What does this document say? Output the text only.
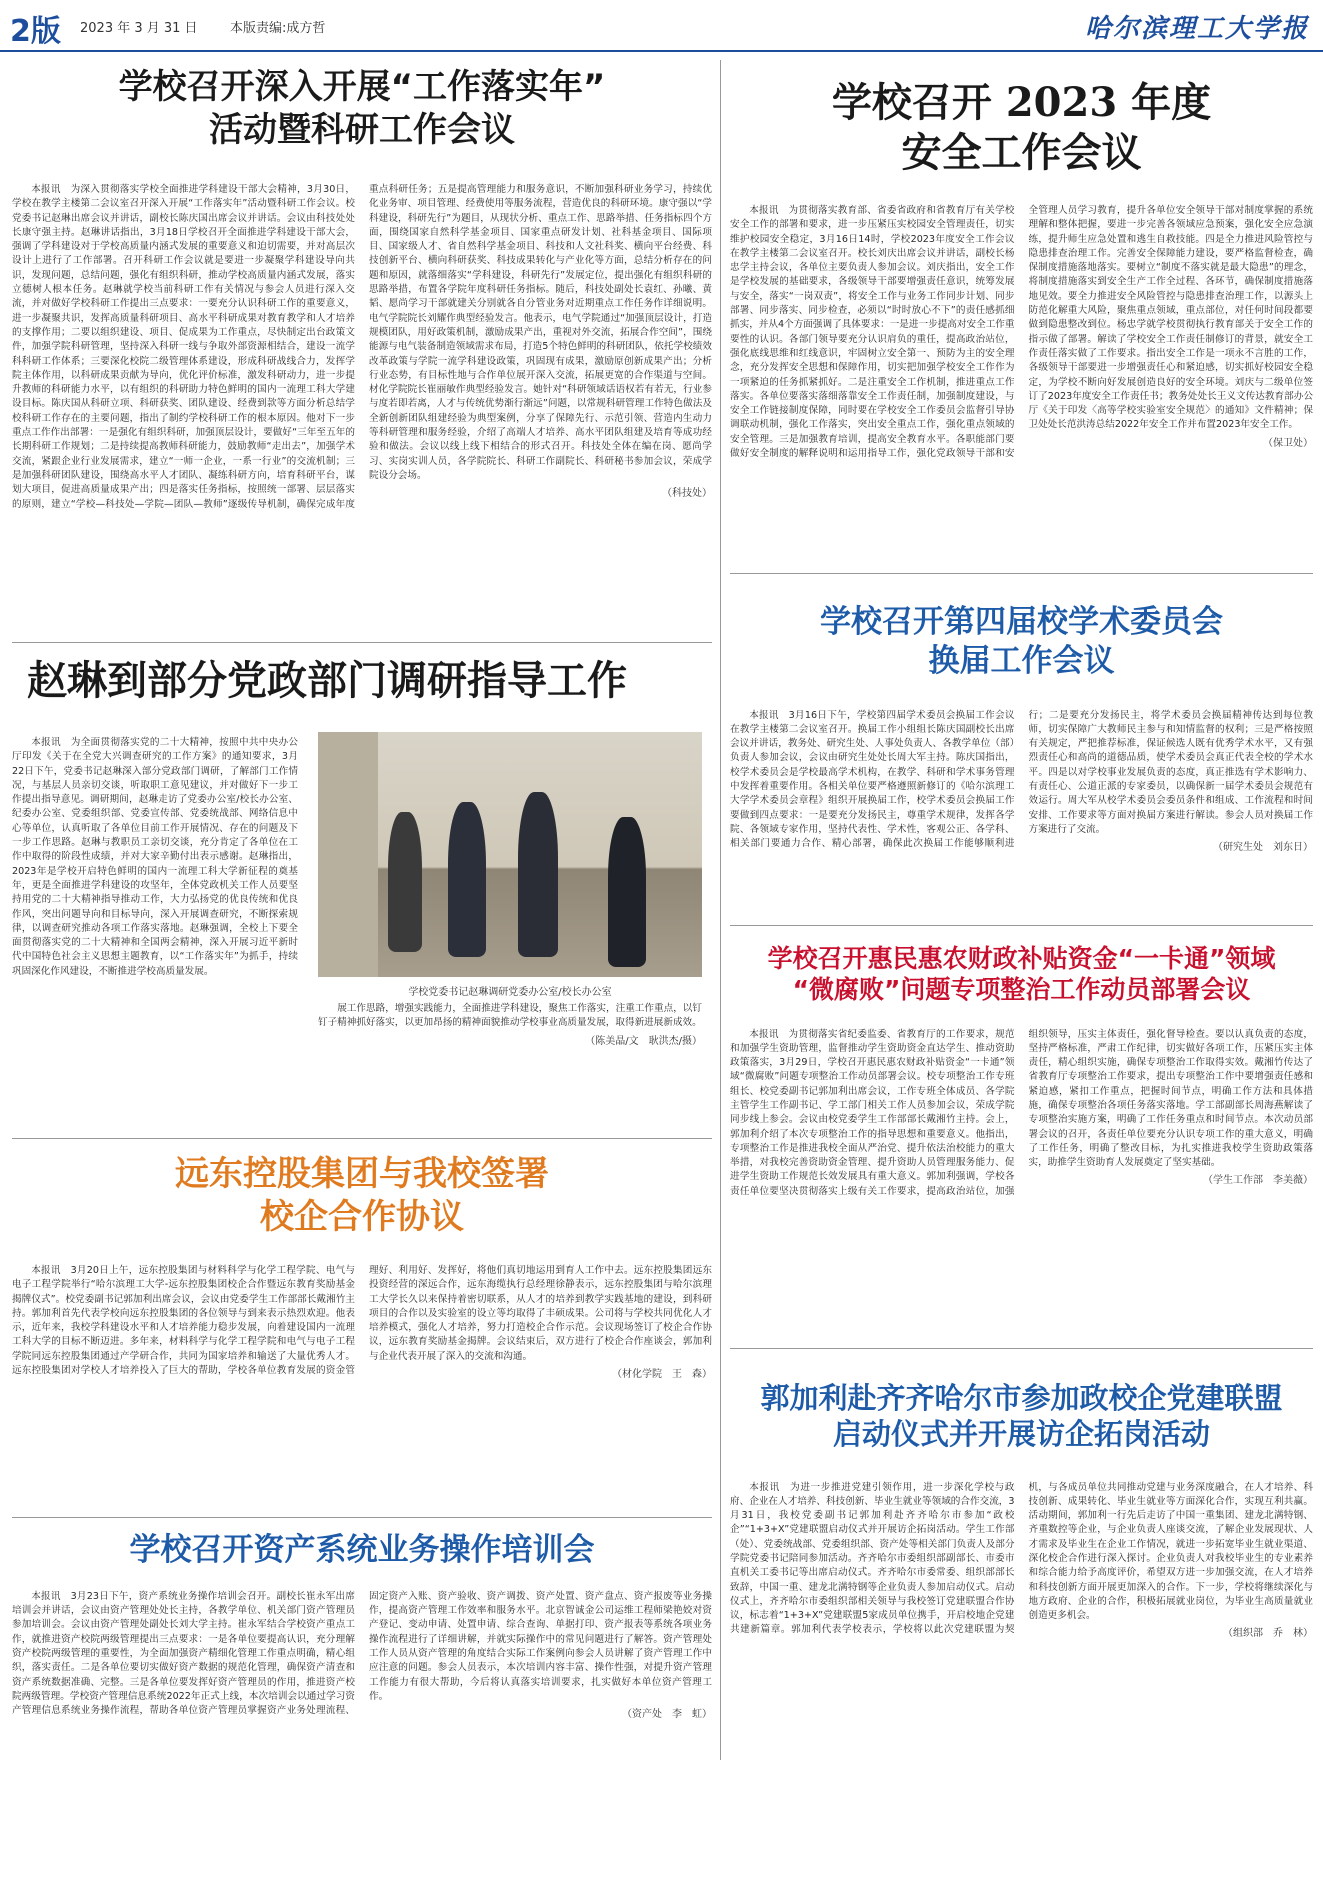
2版 2023 年 3 月 31 日 本版责编:成方哲	哈尔滨理工大学报
学校召开深入开展“工作落实年”
活动暨科研工作会议

本报讯　为深入贯彻落实学校全面推进学科建设干部大会精神，3月30日，学校在教学主楼第二会议室召开深入开展“工作落实年”活动暨科研工作会议。校党委书记赵琳出席会议并讲话，副校长陈庆国出席会议并讲话。会议由科技处处长康守强主持。赵琳讲话指出，3月18日学校召开全面推进学科建设干部大会，强调了学科建设对于学校高质量内涵式发展的重要意义和迫切需要，并对高层次设计上进行了工作部署。召开科研工作会议就是要进一步凝聚学科建设导向共识，发现问题，总结问题，强化有组织科研，推动学校高质量内涵式发展，落实立德树人根本任务。赵琳就学校当前科研工作有关情况与参会人员进行深入交流，并对做好学校科研工作提出三点要求：一要充分认识科研工作的重要意义，进一步凝聚共识，发挥高质量科研项目、高水平科研成果对教育教学和人才培养的支撑作用；二要以组织建设、项目、促成果为工作重点，尽快制定出台政策文件，加强学院科研管理，坚持深入科研一线与争取外部资源相结合，建设一流学科科研工作体系；三要深化校院二级管理体系建设，形成科研战线合力，发挥学院主体作用，以科研成果贡献为导向，优化评价标准，激发科研动力，进一步提升教师的科研能力水平，以有组织的科研助力特色鲜明的国内一流理工科大学建设目标。陈庆国从科研立项、科研获奖、团队建设、经费到款等方面分析总结学校科研工作存在的主要问题，指出了制约学校科研工作的根本原因。他对下一步重点工作作出部署：一是强化有组织科研，加强顶层设计，要做好“三年至五年的长期科研工作规划；二是持续提高教师科研能力，鼓励教师“走出去”，加强学术交流，紧跟企业行业发展需求，建立“一师一企业，一系一行业”的交流机制；三是加强科研团队建设，围绕高水平人才团队、凝练科研方向，培育科研平台，谋划大项目，促进高质量成果产出；四是落实任务指标，按照统一部署、层层落实的原则，建立“学校—科技处—学院—团队—教师”逐级传导机制，确保完成年度重点科研任务；五是提高管理能力和服务意识，不断加强科研业务学习，持续优化业务审、项目管理、经费使用等服务流程，营造优良的科研环境。康守强以“学科建设，科研先行”为题目，从现状分析、重点工作、思路举措、任务指标四个方面，围绕国家自然科学基金项目、国家重点研发计划、社科基金项目、国际项目、国家级人才、省自然科学基金项目、科技和人文社科奖、横向平台经费、科技创新平台、横向科研获奖、科技成果转化与产业化等方面，总结分析存在的问题和原因，就落细落实“学科建设，科研先行”发展定位，提出强化有组织科研的思路举措，布置各学院年度科研任务指标。随后，科技处副处长袁红、孙曦、黄韬、愿尚学习干部就建关分别就各自分管业务对近期重点工作任务作详细说明。电气学院院长刘耀作典型经验发言。他表示，电气学院通过“加强顶层设计，打造规模团队，用好政策机制，激励成果产出，重视对外交流，拓展合作空间”，围绕能源与电气装备制造领域需求布局，打造5个特色鲜明的科研团队，依托学校绩效改革政策与学院一流学科建设政策，巩固现有成果，激励原创新成果产出；分析行业态势，有目标性地与合作单位展开深入交流，拓展更宽的合作渠道与空间。材化学院院长崔丽敏作典型经验发言。她针对“科研领域话语权若有若无，行业参与度若即若离，人才与传统优势渐行渐远”问题，以常规科研管理工作特色做法及全新创新团队组建经验为典型案例，分享了保障先行、示范引领、营造内生动力等科研管理和服务经验，介绍了高端人才培养、高水平团队组建及培育等成功经验和做法。会议以线上线下相结合的形式召开。科技处全体在编在岗、愿尚学习、实岗实训人员，各学院院长、科研工作副院长、科研秘书参加会议，荣成学院设分会场。

（科技处）
学校召开 2023 年度
安全工作会议

本报讯　为贯彻落实教育部、省委省政府和省教育厅有关学校安全工作的部署和要求，进一步压紧压实校园安全管理责任，切实维护校园安全稳定，3月16日14时，学校2023年度安全工作会议在教学主楼第二会议室召开。校长刘庆出席会议并讲话，副校长杨忠学主持会议，各单位主要负责人参加会议。刘庆指出，安全工作是学校发展的基础要求，各级领导干部要增强责任意识，统筹发展与安全，落实“一岗双责”，将安全工作与业务工作同步计划、同步部署、同步落实、同步检查，必须以“时时放心不下”的责任感抓细抓实，并从4个方面强调了具体要求：一是进一步提高对安全工作重要性的认识。各部门领导要充分认识肩负的重任，提高政治站位，强化底线思维和红线意识，牢固树立安全第一、预防为主的安全理念，充分发挥安全思想和保障作用，切实把加强学校安全工作作为一项紧迫的任务抓紧抓好。二是注重安全工作机制，推进重点工作落实。各单位要落实落细落靠安全工作责任制，加强制度建设，与安全工作链接制度保障，同时要在学校安全工作委员会监督引导协调联动机制，强化工作落实，突出安全重点工作，强化重点领域的安全管理。三是加强教育培训，提高安全教育水平。各职能部门要做好安全制度的解释说明和运用指导工作，强化党政领导干部和安全管理人员学习教育，提升各单位安全领导干部对制度掌握的系统理解和整体把握，要进一步完善各领域应急预案，强化安全应急演练，提升师生应急处置和逃生自救技能。四是全力推进风险管控与隐患排查治理工作。完善安全保障能力建设，要严格监督检查，确保制度措施落地落实。要树立“制度不落实就是最大隐患”的理念，将制度措施落实到安全生产工作全过程、各环节，确保制度措施落地见效。要全力推进安全风险管控与隐患排查治理工作，以源头上防范化解重大风险，聚焦重点领域，重点部位，对任何时间段都要做到隐患整改到位。杨忠学就学校贯彻执行教育部关于安全工作的指示做了部署。解读了学校安全工作责任制修订的背景，就安全工作责任落实做了工作要求。指出安全工作是一项永不言胜的工作，各级领导干部要进一步增强责任心和紧迫感，切实抓好校园安全稳定，为学校不断向好发展创造良好的安全环境。刘庆与二级单位签订了2023年度安全工作责任书；教务处处长王义文传达教育部办公厅《关于印发〈高等学校实验室安全规范〉的通知》文件精神；保卫处处长范洪涛总结2022年安全工作并布置2023年安全工作。

（保卫处）
学校召开第四届校学术委员会
换届工作会议

本报讯　3月16日下午，学校第四届学术委员会换届工作会议在教学主楼第二会议室召开。换届工作小组组长陈庆国副校长出席会议并讲话，教务处、研究生处、人事处负责人、各教学单位（部）负责人参加会议，会议由研究生处处长周大军主持。陈庆国指出，校学术委员会是学校最高学术机构，在教学、科研和学术事务管理中发挥着重要作用。各相关单位要严格遵照新修订的《哈尔滨理工大学学术委员会章程》组织开展换届工作，校学术委员会换届工作要做到四点要求：一是要充分发扬民主，尊重学术规律，发挥各学院、各领域专家作用，坚持代表性、学术性，客观公正、各学科、相关部门要通力合作、精心部署，确保此次换届工作能够顺利进行；二是要充分发扬民主，将学术委员会换届精神传达到每位教师，切实保障广大教师民主参与和知情监督的权利；三是严格按照有关规定，严把推荐标准，保证候选人既有优秀学术水平，又有强烈责任心和高尚的道德品质，使学术委员会真正代表全校的学术水平。四是以对学校事业发展负责的态度，真正推选有学术影响力、有责任心、公道正派的专家委员，以确保新一届学术委员会规范有效运行。周大军从校学术委员会委员条件和组成、工作流程和时间安排、工作要求等方面对换届方案进行解读。参会人员对换届工作方案进行了交流。

（研究生处　刘东日）
赵琳到部分党政部门调研指导工作

本报讯　为全面贯彻落实党的二十大精神，按照中共中央办公厅印发《关于在全党大兴调查研究的工作方案》的通知要求，3月22日下午，党委书记赵琳深入部分党政部门调研，了解部门工作情况，与基层人员亲切交谈，听取职工意见建议，并对做好下一步工作提出指导意见。调研期间，赵琳走访了党委办公室/校长办公室、纪委办公室、党委组织部、党委宣传部、党委统战部、网络信息中心等单位，认真听取了各单位目前工作开展情况、存在的问题及下一步工作思路。赵琳与教职员工亲切交谈，充分肯定了各单位在工作中取得的阶段性成绩，并对大家辛勤付出表示感谢。赵琳指出，2023年是学校开启特色鲜明的国内一流理工科大学新征程的奠基年，更是全面推进学科建设的攻坚年，全体党政机关工作人员要坚持用党的二十大精神指导推动工作，大力弘扬党的优良传统和优良作风，突出问题导向和目标导向，深入开展调查研究，不断探索规律，以调查研究推动各项工作落实落地。赵琳强调，全校上下要全面贯彻落实党的二十大精神和全国两会精神，深入开展习近平新时代中国特色社会主义思想主题教育，以“工作落实年”为抓手，持续巩固深化作风建设，不断推进学校高质量发展。

学校党委书记赵琳调研党委办公室/校长办公室

展工作思路，增强实践能力，全面推进学科建设，聚焦工作落实，注重工作重点，以钉钉子精神抓好落实，以更加昂扬的精神面貌推动学校事业高质量发展，取得新进展新成效。

（陈美晶/文　耿洪杰/摄）
学校召开惠民惠农财政补贴资金“一卡通”领域
“微腐败”问题专项整治工作动员部署会议

本报讯　为贯彻落实省纪委监委、省教育厅的工作要求，规范和加强学生资助管理，监督推动学生资助资金直达学生、推动资助政策落实，3月29日，学校召开惠民惠农财政补贴资金“一卡通”领域“微腐败”问题专项整治工作动员部署会议。校专项整治工作专班组长、校党委副书记郭加利出席会议，工作专班全体成员、各学院主管学生工作副书记、学工部门相关工作人员参加会议，荣成学院同步线上参会。会议由校党委学生工作部部长戴湘竹主持。会上，郭加利介绍了本次专项整治工作的指导思想和重要意义。他指出，专项整治工作是推进我校全面从严治党、提升依法治校能力的重大举措，对我校完善资助资金管理、提升资助人员管理服务能力、促进学生资助工作规范长效发展具有重大意义。郭加利强调，学校各责任单位要坚决贯彻落实上级有关工作要求，提高政治站位，加强组织领导，压实主体责任，强化督导检查。要以认真负责的态度，坚持严格标准，严肃工作纪律，切实做好各项工作，压紧压实主体责任，精心组织实施，确保专项整治工作取得实效。戴湘竹传达了省教育厅专项整治工作要求，提出专项整治工作中要增强责任感和紧迫感，紧扣工作重点，把握时间节点，明确工作方法和具体措施，确保专项整治各项任务落实落地。学工部副部长周海燕解读了专项整治实施方案，明确了工作任务重点和时间节点。本次动员部署会议的召开，各责任单位要充分认识专项工作的重大意义，明确了工作任务，明确了整改目标，为扎实推进我校学生资助政策落实，助推学生资助育人发展奠定了坚实基础。

（学生工作部　李美薇）
远东控股集团与我校签署
校企合作协议

本报讯　3月20日上午，远东控股集团与材料科学与化学工程学院、电气与电子工程学院举行“哈尔滨理工大学-远东控股集团校企合作暨远东教育奖励基金揭牌仪式”。校党委副书记郭加利出席会议，会议由党委学生工作部部长戴湘竹主持。郭加利首先代表学校向远东控股集团的各位领导与到来表示热烈欢迎。他表示，近年来，我校学科建设水平和人才培养能力稳步发展，向着建设国内一流理工科大学的目标不断迈进。多年来，材料科学与化学工程学院和电气与电子工程学院同远东控股集团通过产学研合作，共同为国家培养和输送了大量优秀人才。远东控股集团对学校人才培养投入了巨大的帮助，学校各单位教育发展的资金管理好、利用好、发挥好，将他们真切地运用到育人工作中去。远东控股集团远东投资经营的深远合作，远东海缆执行总经理徐静表示，远东控股集团与哈尔滨理工大学长久以来保持着密切联系，从人才的培养到教学实践基地的建设，到科研项目的合作以及实验室的设立等均取得了丰硕成果。公司将与学校共同优化人才培养模式，强化人才培养，努力打造校企合作示范。会议现场签订了校企合作协议，远东教育奖励基金揭牌。会议结束后，双方进行了校企合作座谈会，郭加利与企业代表开展了深入的交流和沟通。

（材化学院　王　森）
郭加利赴齐齐哈尔市参加政校企党建联盟
启动仪式并开展访企拓岗活动

本报讯　为进一步推进党建引领作用，进一步深化学校与政府、企业在人才培养、科技创新、毕业生就业等领域的合作交流，3月31日，我校党委副书记郭加利赴齐齐哈尔市参加“政校企”“1+3+X”党建联盟启动仪式并开展访企拓岗活动。学生工作部（处）、党委统战部、党委组织部、资产处等相关部门负责人及部分学院党委书记陪同参加活动。齐齐哈尔市委组织部副部长、市委市直机关工委书记等出席启动仪式。齐齐哈尔市委常委、组织部部长致辞，中国一重、建龙北满特钢等企业负责人参加启动仪式。启动仪式上，齐齐哈尔市委组织部相关领导与我校签订党建联盟合作协议，标志着“1+3+X”党建联盟5家成员单位携手，开启校地企党建共建新篇章。郭加利代表学校表示，学校将以此次党建联盟为契机，与各成员单位共同推动党建与业务深度融合，在人才培养、科技创新、成果转化、毕业生就业等方面深化合作，实现互利共赢。活动期间，郭加利一行先后走访了中国一重集团、建龙北满特钢、齐重数控等企业，与企业负责人座谈交流，了解企业发展现状、人才需求及毕业生在企业工作情况，就进一步拓宽毕业生就业渠道、深化校企合作进行深入探讨。企业负责人对我校毕业生的专业素养和综合能力给予高度评价，希望双方进一步加强交流，在人才培养和科技创新方面开展更加深入的合作。下一步，学校将继续深化与地方政府、企业的合作，积极拓展就业岗位，为毕业生高质量就业创造更多机会。

（组织部　乔　林）
学校召开资产系统业务操作培训会

本报讯　3月23日下午，资产系统业务操作培训会召开。副校长崔永军出席培训会并讲话，会议由资产管理处处长主持，各教学单位、机关部门资产管理员参加培训会。会议由资产管理处副处长刘大学主持。崔永军结合学校资产重点工作，就推进资产校院两级管理提出三点要求：一是各单位要提高认识，充分理解资产校院两级管理的重要性，为全面加强资产精细化管理工作重点明确，精心组织，落实责任。二是各单位要切实做好资产数据的规范化管理，确保资产清查和资产系统数据准确、完整。三是各单位要发挥好资产管理员的作用，推进资产校院两级管理。学校资产管理信息系统2022年正式上线，本次培训会以通过学习资产管理信息系统业务操作流程，帮助各单位资产管理员掌握资产业务处理流程、固定资产入账、资产验收、资产调拨、资产处置、资产盘点、资产报废等业务操作，提高资产管理工作效率和服务水平。北京智诚金公司运维工程师梁艳姣对资产登记、变动申请、处置申请、综合查询、单据打印、资产报表等系统各项业务操作流程进行了详细讲解，并就实际操作中的常见问题进行了解答。资产管理处工作人员从资产管理的角度结合实际工作案例向参会人员讲解了资产管理工作中应注意的问题。参会人员表示，本次培训内容丰富、操作性强，对提升资产管理工作能力有很大帮助，今后将认真落实培训要求，扎实做好本单位资产管理工作。

（资产处　李　虹）
